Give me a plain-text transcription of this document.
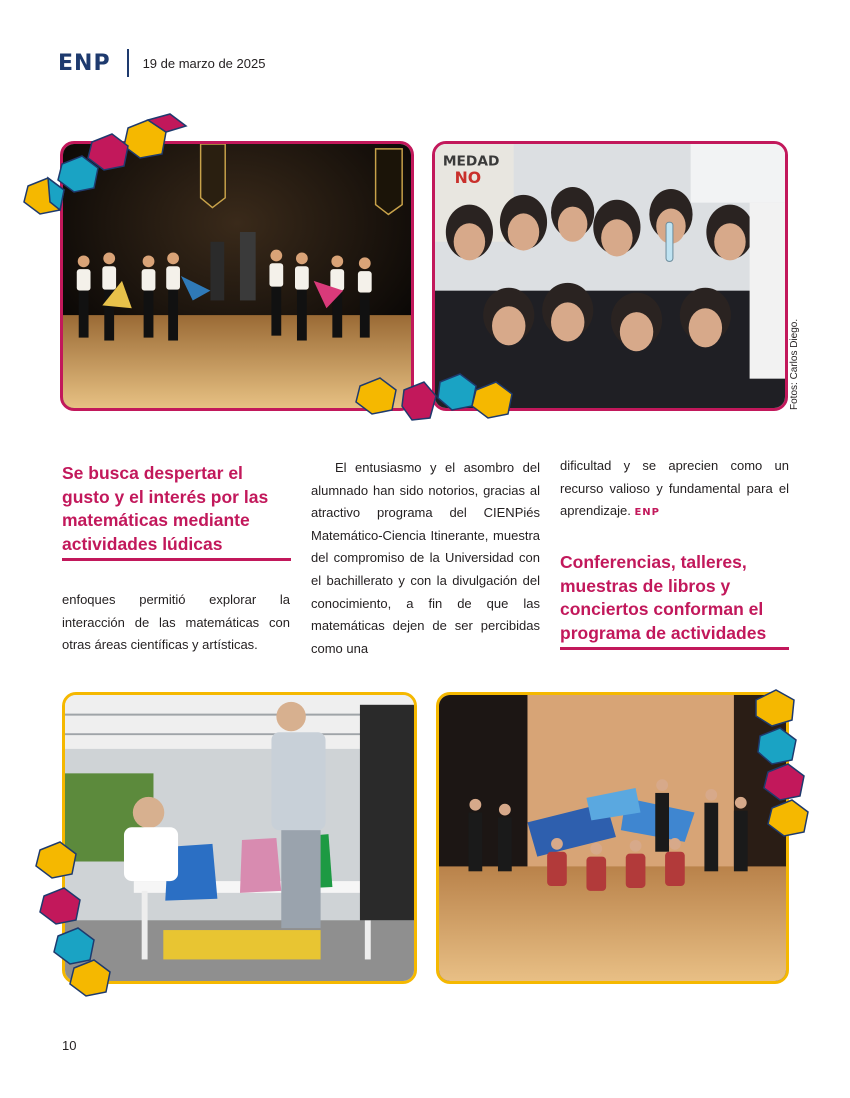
ENP 19 de marzo de 2025
MEDAD
NO
Fotos: Carlos Diego.
Se busca despertar el gusto y el interés por las matemáticas mediante actividades lúdicas
enfoques permitió explorar la interacción de las matemáticas con otras áreas científicas y artísticas.
El entusiasmo y el asombro del alumnado han sido notorios, gracias al atractivo programa del CIENPiés Matemático-Ciencia Itinerante, muestra del compromiso de la Universidad con el bachillerato y con la divulgación del conocimiento, a fin de que las matemáticas dejen de ser percibidas como una
dificultad y se aprecien como un recurso valioso y fundamental para el aprendizaje. ENP
Conferencias, talleres, muestras de libros y conciertos conforman el programa de actividades
10
